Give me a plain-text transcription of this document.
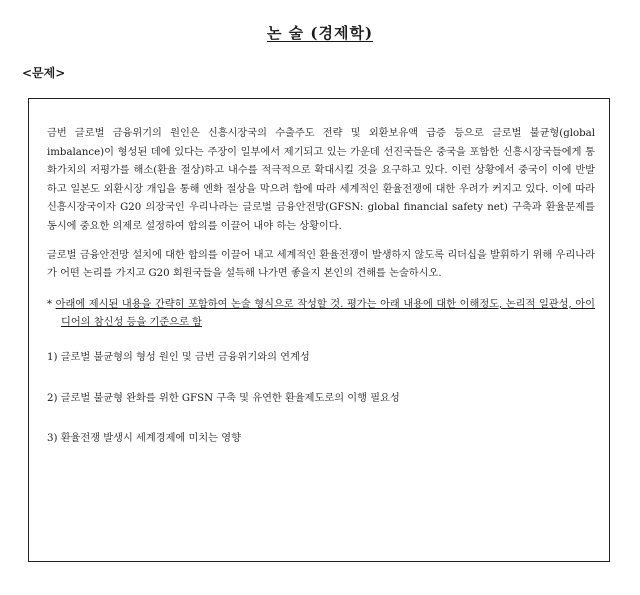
논 술 (경제학)
<문제>

금번 글로벌 금융위기의 원인은 신흥시장국의 수출주도 전략 및 외환보유액 급증 등으로 글로벌 불균형(global imbalance)이 형성된 데에 있다는 주장이 일부에서 제기되고 있는 가운데 선진국들은 중국을 포함한 신흥시장국들에게 통화가치의 저평가를 해소(환율 절상)하고 내수를 적극적으로 확대시킬 것을 요구하고 있다. 이런 상황에서 중국이 이에 반발하고 일본도 외환시장 개입을 통해 엔화 절상을 막으려 함에 따라 세계적인 환율전쟁에 대한 우려가 커지고 있다. 이에 따라 신흥시장국이자 G20 의장국인 우리나라는 글로벌 금융안전망(GFSN: global financial safety net) 구축과 환율문제를 동시에 중요한 의제로 설정하여 합의를 이끌어 내야 하는 상황이다.

글로벌 금융안전망 설치에 대한 합의를 이끌어 내고 세계적인 환율전쟁이 발생하지 않도록 리더십을 발휘하기 위해 우리나라가 어떤 논리를 가지고 G20 회원국들을 설득해 나가면 좋을지 본인의 견해를 논술하시오.

* 아래에 제시된 내용을 간략히 포함하여 논술 형식으로 작성할 것. 평가는 아래 내용에 대한 이해정도, 논리적 일관성, 아이디어의 참신성 등을 기준으로 함

1) 글로벌 불균형의 형성 원인 및 금번 금융위기와의 연계성

2) 글로벌 불균형 완화를 위한 GFSN 구축 및 유연한 환율제도로의 이행 필요성

3) 환율전쟁 발생시 세계경제에 미치는 영향
